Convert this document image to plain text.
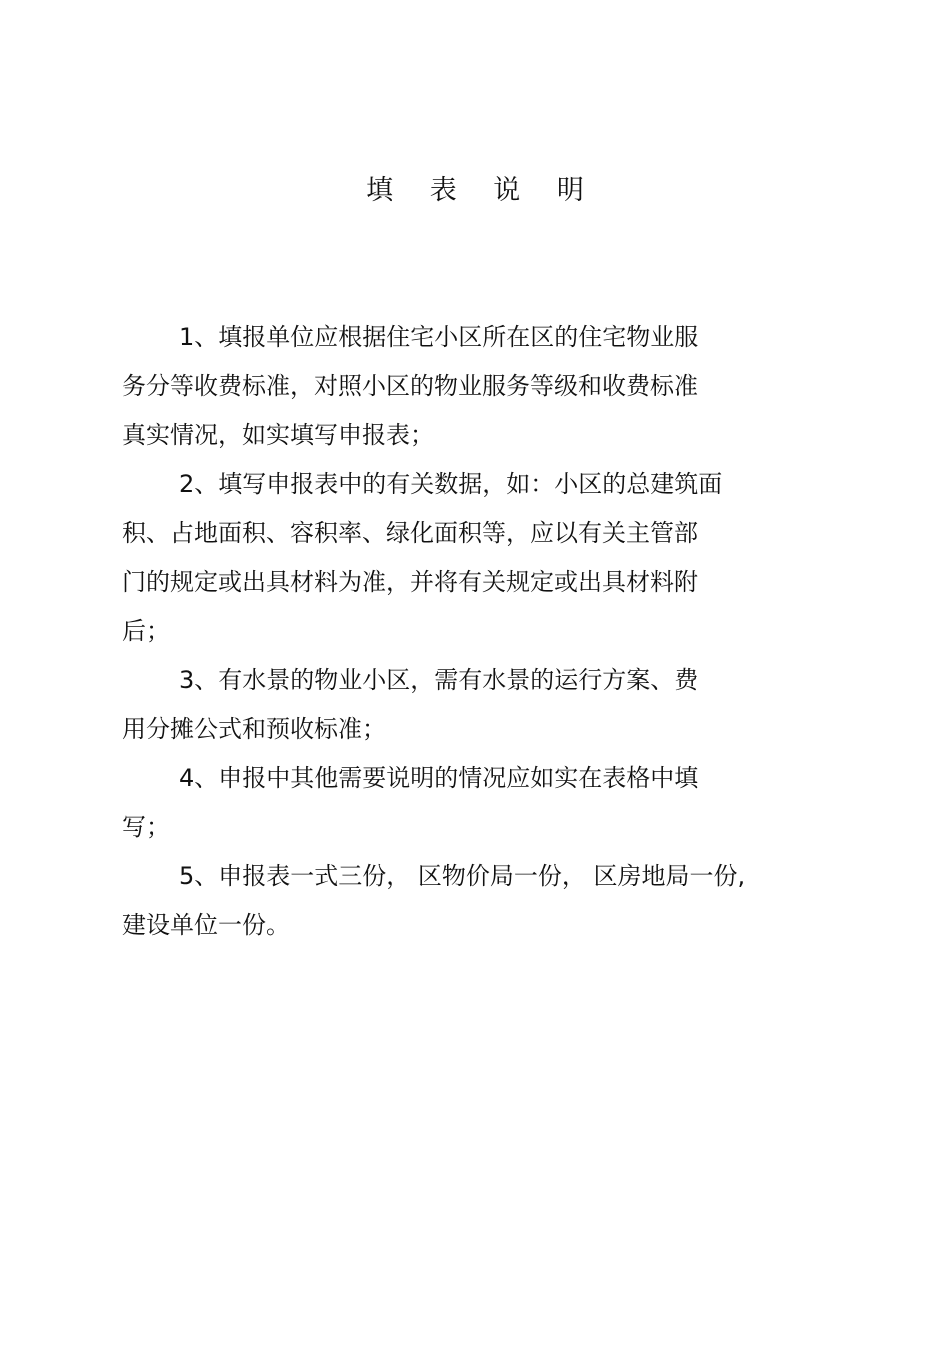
填 表 说 明

1、填报单位应根据住宅小区所在区的住宅物业服
务分等收费标准，对照小区的物业服务等级和收费标准
真实情况，如实填写申报表；

2、填写申报表中的有关数据，如：小区的总建筑面
积、占地面积、容积率、绿化面积等，应以有关主管部
门的规定或出具材料为准，并将有关规定或出具材料附
后；

3、有水景的物业小区，需有水景的运行方案、费
用分摊公式和预收标准；

4、申报中其他需要说明的情况应如实在表格中填
写；

5、申报表一式三份， 区物价局一份， 区房地局一份,
建设单位一份。
